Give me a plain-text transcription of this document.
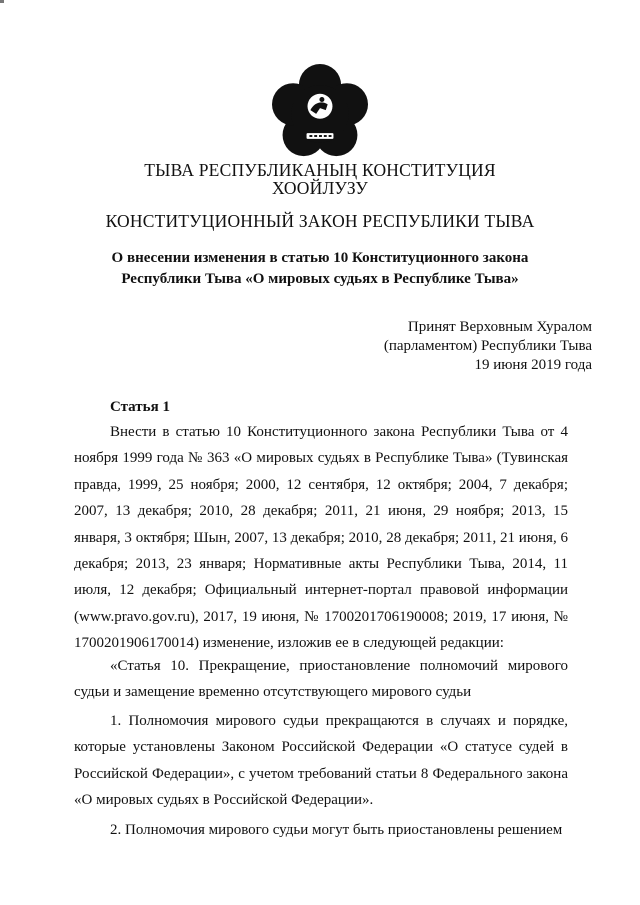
ТЫВА РЕСПУБЛИКАНЫҢ КОНСТИТУЦИЯ
ХООЙЛУЗУ
КОНСТИТУЦИОННЫЙ ЗАКОН РЕСПУБЛИКИ ТЫВА
О внесении изменения в статью 10 Конституционного закона
Республики Тыва «О мировых судьях в Республике Тыва»
Принят Верховным Хуралом
(парламентом) Республики Тыва
19 июня 2019 года
Статья 1
Внести в статью 10 Конституционного закона Республики Тыва от 4 ноября 1999 года № 363 «О мировых судьях в Республике Тыва» (Тувинская правда, 1999, 25 ноября; 2000, 12 сентября, 12 октября; 2004, 7 декабря; 2007, 13 декабря; 2010, 28 декабря; 2011, 21 июня, 29 ноября; 2013, 15 января, 3 октября; Шын, 2007, 13 декабря; 2010, 28 декабря; 2011, 21 июня, 6 декабря; 2013, 23 января; Нормативные акты Республики Тыва, 2014, 11 июля, 12 декабря; Официальный интернет-портал правовой информации (www.pravo.gov.ru), 2017, 19 июня, № 1700201706190008; 2019, 17 июня, № 1700201906170014) изменение, изложив ее в следующей редакции:
«Статья 10. Прекращение, приостановление полномочий мирового судьи и замещение временно отсутствующего мирового судьи
1. Полномочия мирового судьи прекращаются в случаях и порядке, которые установлены Законом Российской Федерации «О статусе судей в Российской Федерации», с учетом требований статьи 8 Федерального закона «О мировых судьях в Российской Федерации».
2. Полномочия мирового судьи могут быть приостановлены решением
